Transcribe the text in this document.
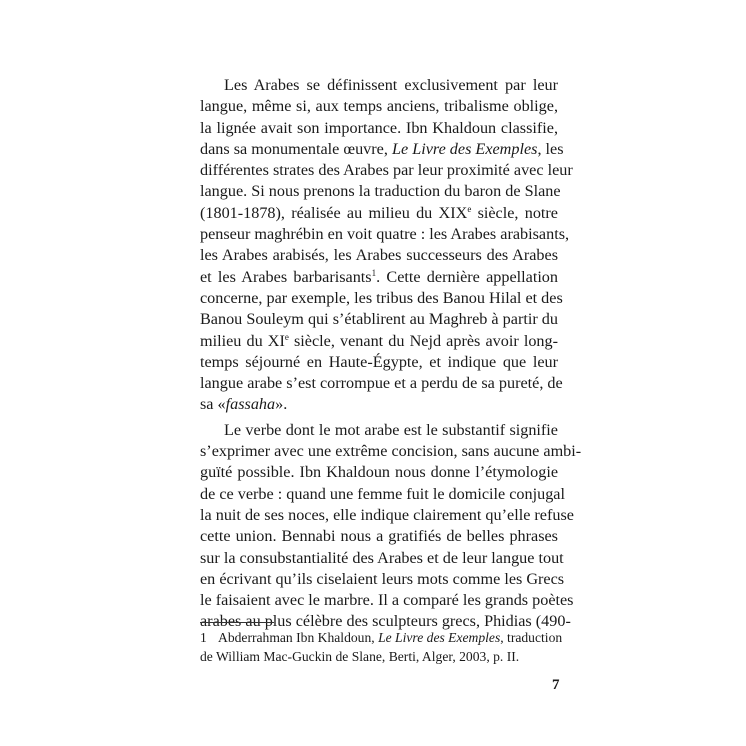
Les Arabes se définissent exclusivement par leur
langue, même si, aux temps anciens, tribalisme oblige,
la lignée avait son importance. Ibn Khaldoun classifie,
dans sa monumentale œuvre, Le Livre des Exemples, les
différentes strates des Arabes par leur proximité avec leur
langue. Si nous prenons la traduction du baron de Slane
(1801-1878), réalisée au milieu du XIXe siècle, notre
penseur maghrébin en voit quatre : les Arabes arabisants,
les Arabes arabisés, les Arabes successeurs des Arabes
et les Arabes barbarisants$^1$. Cette dernière appellation
concerne, par exemple, les tribus des Banou Hilal et des
Banou Souleym qui s’établirent au Maghreb à partir du
milieu du XIe siècle, venant du Nejd après avoir long-
temps séjourné en Haute-Égypte, et indique que leur
langue arabe s’est corrompue et a perdu de sa pureté, de
sa «fassaha».
Le verbe dont le mot arabe est le substantif signifie
s’exprimer avec une extrême concision, sans aucune ambi-
guïté possible. Ibn Khaldoun nous donne l’étymologie
de ce verbe : quand une femme fuit le domicile conjugal
la nuit de ses noces, elle indique clairement qu’elle refuse
cette union. Bennabi nous a gratifiés de belles phrases
sur la consubstantialité des Arabes et de leur langue tout
en écrivant qu’ils ciselaient leurs mots comme les Grecs
le faisaient avec le marbre. Il a comparé les grands poètes
arabes au plus célèbre des sculpteurs grecs, Phidias (490-
1 Abderrahman Ibn Khaldoun, Le Livre des Exemples, traduction
de William Mac-Guckin de Slane, Berti, Alger, 2003, p. II.
7
